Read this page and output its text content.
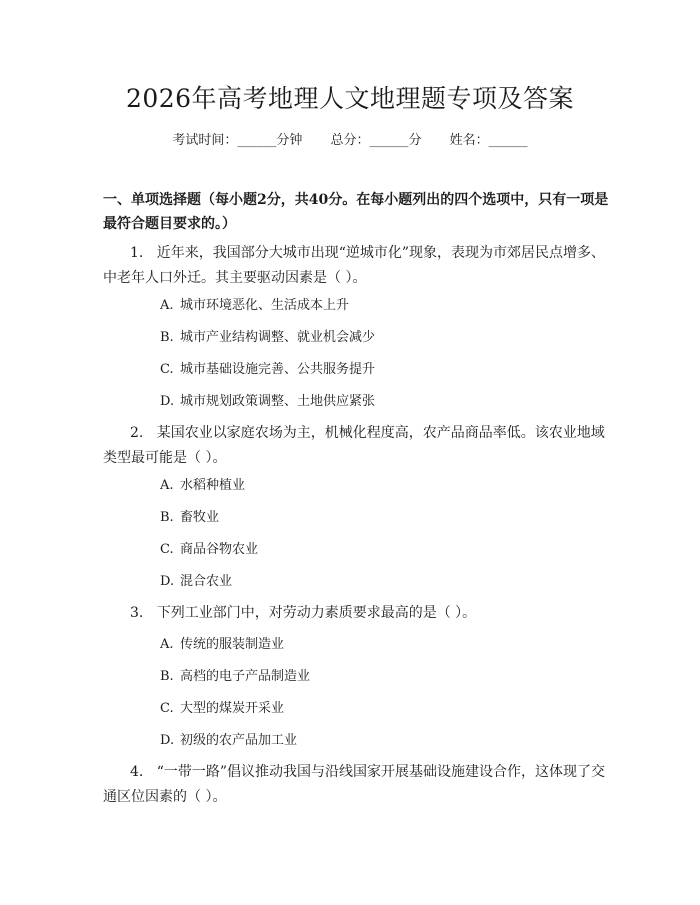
2026年高考地理人文地理题专项及答案
考试时间：______分钟 总分：______分 姓名：______
一、单项选择题（每小题2分，共40分。在每小题列出的四个选项中，只有一项是最符合题目要求的。）
1. 近年来，我国部分大城市出现“逆城市化”现象，表现为市郊居民点增多、中老年人口外迁。其主要驱动因素是（ ）。
A. 城市环境恶化、生活成本上升
B. 城市产业结构调整、就业机会减少
C. 城市基础设施完善、公共服务提升
D. 城市规划政策调整、土地供应紧张
2. 某国农业以家庭农场为主，机械化程度高，农产品商品率低。该农业地域类型最可能是（ ）。
A. 水稻种植业
B. 畜牧业
C. 商品谷物农业
D. 混合农业
3. 下列工业部门中，对劳动力素质要求最高的是（ ）。
A. 传统的服装制造业
B. 高档的电子产品制造业
C. 大型的煤炭开采业
D. 初级的农产品加工业
4. “一带一路”倡议推动我国与沿线国家开展基础设施建设合作，这体现了交通区位因素的（ ）。
